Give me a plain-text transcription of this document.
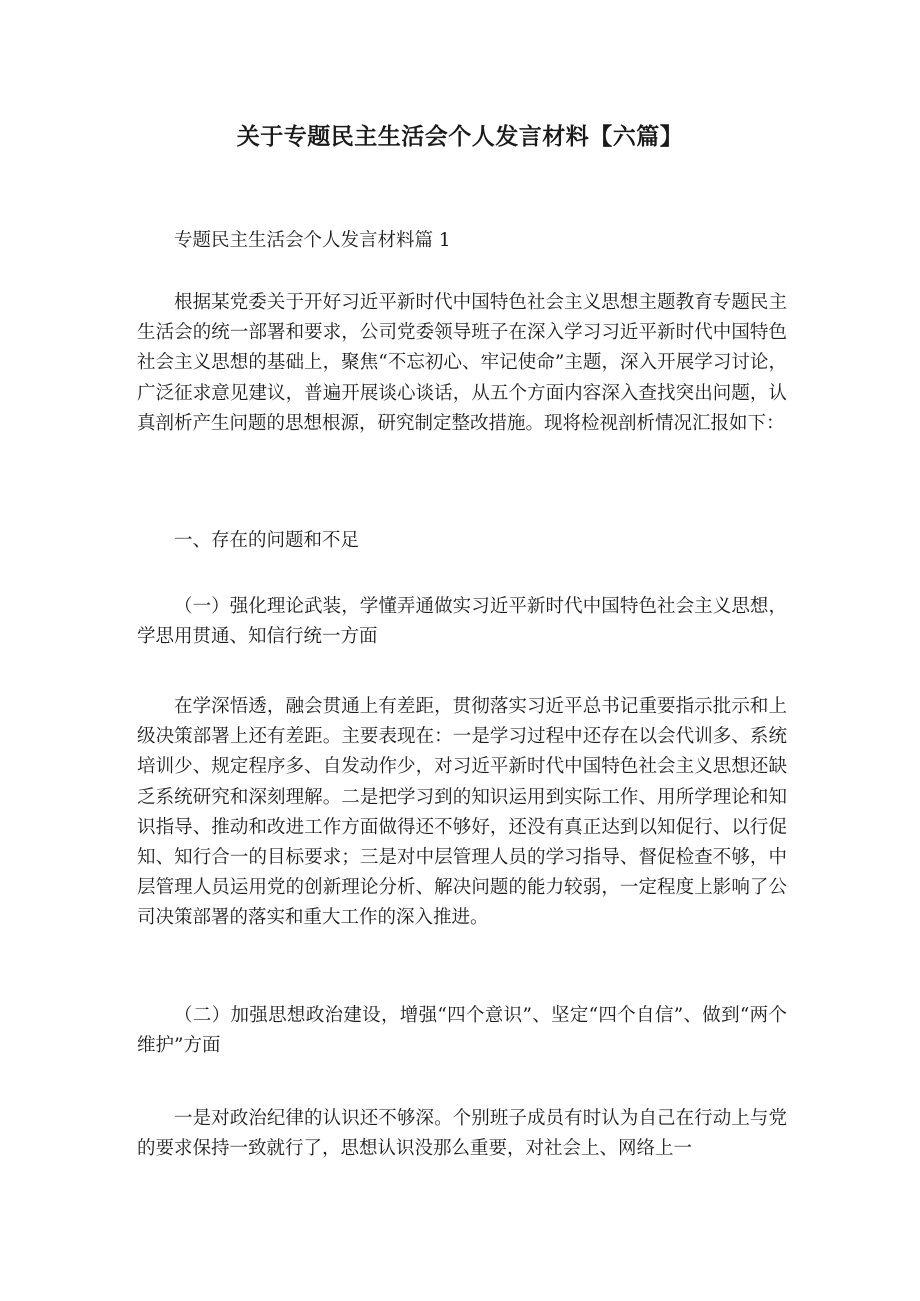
关于专题民主生活会个人发言材料【六篇】

专题民主生活会个人发言材料篇 1

根据某党委关于开好习近平新时代中国特色社会主义思想主题教育专题民主生活会的统一部署和要求，公司党委领导班子在深入学习习近平新时代中国特色社会主义思想的基础上，聚焦“不忘初心、牢记使命”主题，深入开展学习讨论，广泛征求意见建议，普遍开展谈心谈话，从五个方面内容深入查找突出问题，认真剖析产生问题的思想根源，研究制定整改措施。现将检视剖析情况汇报如下：

一、存在的问题和不足

（一）强化理论武装，学懂弄通做实习近平新时代中国特色社会主义思想，学思用贯通、知信行统一方面

在学深悟透，融会贯通上有差距，贯彻落实习近平总书记重要指示批示和上级决策部署上还有差距。主要表现在：一是学习过程中还存在以会代训多、系统培训少、规定程序多、自发动作少，对习近平新时代中国特色社会主义思想还缺乏系统研究和深刻理解。二是把学习到的知识运用到实际工作、用所学理论和知识指导、推动和改进工作方面做得还不够好，还没有真正达到以知促行、以行促知、知行合一的目标要求；三是对中层管理人员的学习指导、督促检查不够，中层管理人员运用党的创新理论分析、解决问题的能力较弱，一定程度上影响了公司决策部署的落实和重大工作的深入推进。

（二）加强思想政治建设，增强“四个意识”、坚定“四个自信”、做到“两个维护”方面

一是对政治纪律的认识还不够深。个别班子成员有时认为自己在行动上与党的要求保持一致就行了，思想认识没那么重要，对社会上、网络上一
